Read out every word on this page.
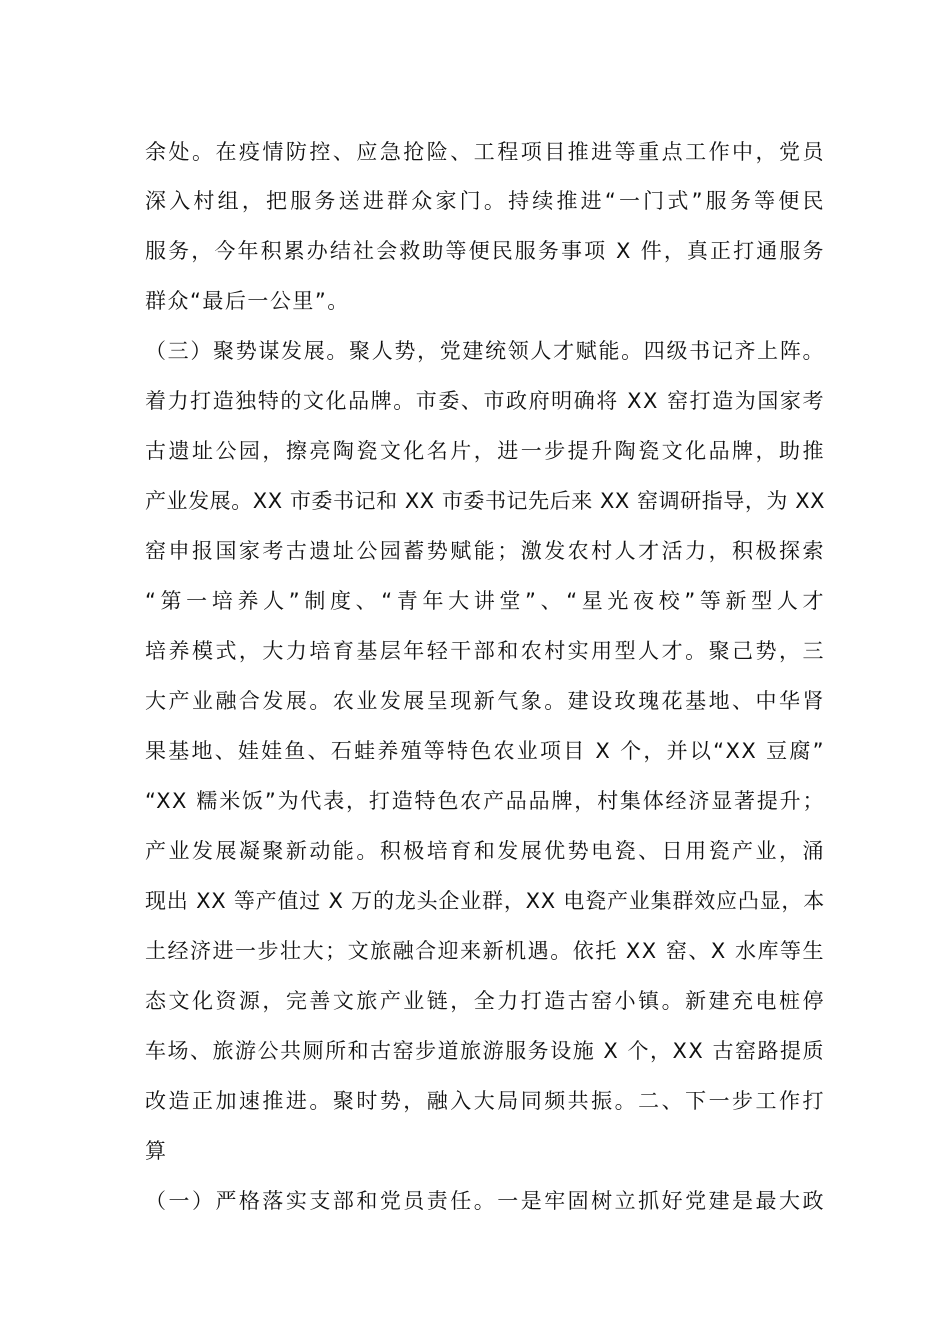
余处。在疫情防控、应急抢险、工程项目推进等重点工作中，党员
深入村组，把服务送进群众家门。持续推进“一门式”服务等便民
服务，今年积累办结社会救助等便民服务事项 X 件，真正打通服务
群众“最后一公里”。
（三）聚势谋发展。聚人势，党建统领人才赋能。四级书记齐上阵。
着力打造独特的文化品牌。市委、市政府明确将 XX 窑打造为国家考
古遗址公园，擦亮陶瓷文化名片，进一步提升陶瓷文化品牌，助推
产业发展。XX 市委书记和 XX 市委书记先后来 XX 窑调研指导，为 XX
窑申报国家考古遗址公园蓄势赋能；激发农村人才活力，积极探索
“第一培养人”制度、“青年大讲堂”、“星光夜校”等新型人才
培养模式，大力培育基层年轻干部和农村实用型人才。聚己势，三
大产业融合发展。农业发展呈现新气象。建设玫瑰花基地、中华肾
果基地、娃娃鱼、石蛙养殖等特色农业项目 X 个，并以“XX 豆腐”
“XX 糯米饭”为代表，打造特色农产品品牌，村集体经济显著提升；
产业发展凝聚新动能。积极培育和发展优势电瓷、日用瓷产业，涌
现出 XX 等产值过 X 万的龙头企业群，XX 电瓷产业集群效应凸显，本
土经济进一步壮大；文旅融合迎来新机遇。依托 XX 窑、X 水库等生
态文化资源，完善文旅产业链，全力打造古窑小镇。新建充电桩停
车场、旅游公共厕所和古窑步道旅游服务设施 X 个，XX 古窑路提质
改造正加速推进。聚时势，融入大局同频共振。二、下一步工作打
算
（一）严格落实支部和党员责任。一是牢固树立抓好党建是最大政
